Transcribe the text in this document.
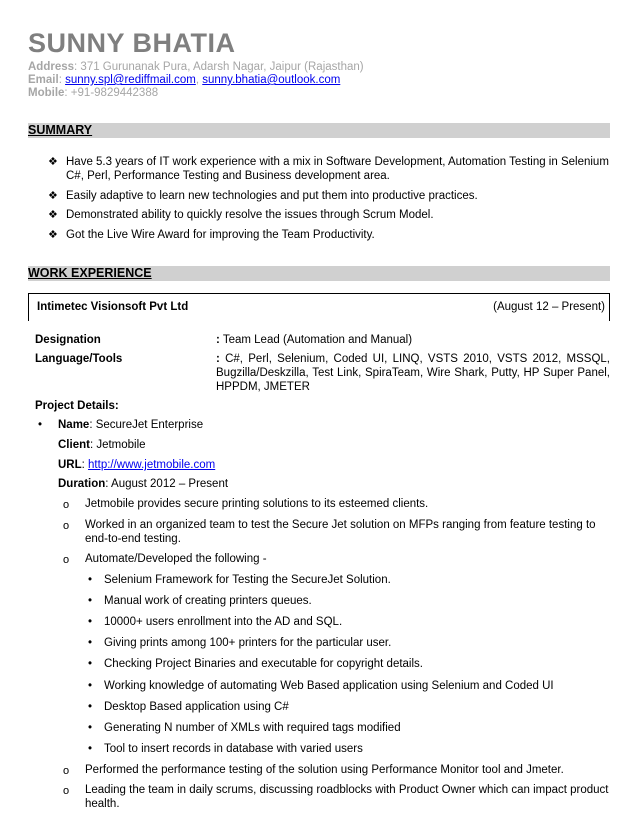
SUNNY BHATIA
Address: 371 Gurunanak Pura, Adarsh Nagar, Jaipur (Rajasthan)
Email: sunny.spl@rediffmail.com, sunny.bhatia@outlook.com
Mobile: +91-9829442388
SUMMARY
❖ Have 5.3 years of IT work experience with a mix in Software Development, Automation Testing in Selenium C#, Perl, Performance Testing and Business development area.
❖ Easily adaptive to learn new technologies and put them into productive practices.
❖ Demonstrated ability to quickly resolve the issues through Scrum Model.
❖ Got the Live Wire Award for improving the Team Productivity.
WORK EXPERIENCE
Intimetec Visionsoft Pvt Ltd	(August 12 – Present)
Designation	: Team Lead (Automation and Manual)
Language/Tools	: C#, Perl, Selenium, Coded UI, LINQ, VSTS 2010, VSTS 2012, MSSQL, Bugzilla/Deskzilla, Test Link, SpiraTeam, Wire Shark, Putty, HP Super Panel, HPPDM, JMETER
Project Details:
• Name: SecureJet Enterprise
Client: Jetmobile
URL: http://www.jetmobile.com
Duration: August 2012 – Present
o Jetmobile provides secure printing solutions to its esteemed clients.
o Worked in an organized team to test the Secure Jet solution on MFPs ranging from feature testing to end-to-end testing.
o Automate/Developed the following -
• Selenium Framework for Testing the SecureJet Solution.
• Manual work of creating printers queues.
• 10000+ users enrollment into the AD and SQL.
• Giving prints among 100+ printers for the particular user.
• Checking Project Binaries and executable for copyright details.
• Working knowledge of automating Web Based application using Selenium and Coded UI
• Desktop Based application using C#
• Generating N number of XMLs with required tags modified
• Tool to insert records in database with varied users
o Performed the performance testing of the solution using Performance Monitor tool and Jmeter.
o Leading the team in daily scrums, discussing roadblocks with Product Owner which can impact product health.
